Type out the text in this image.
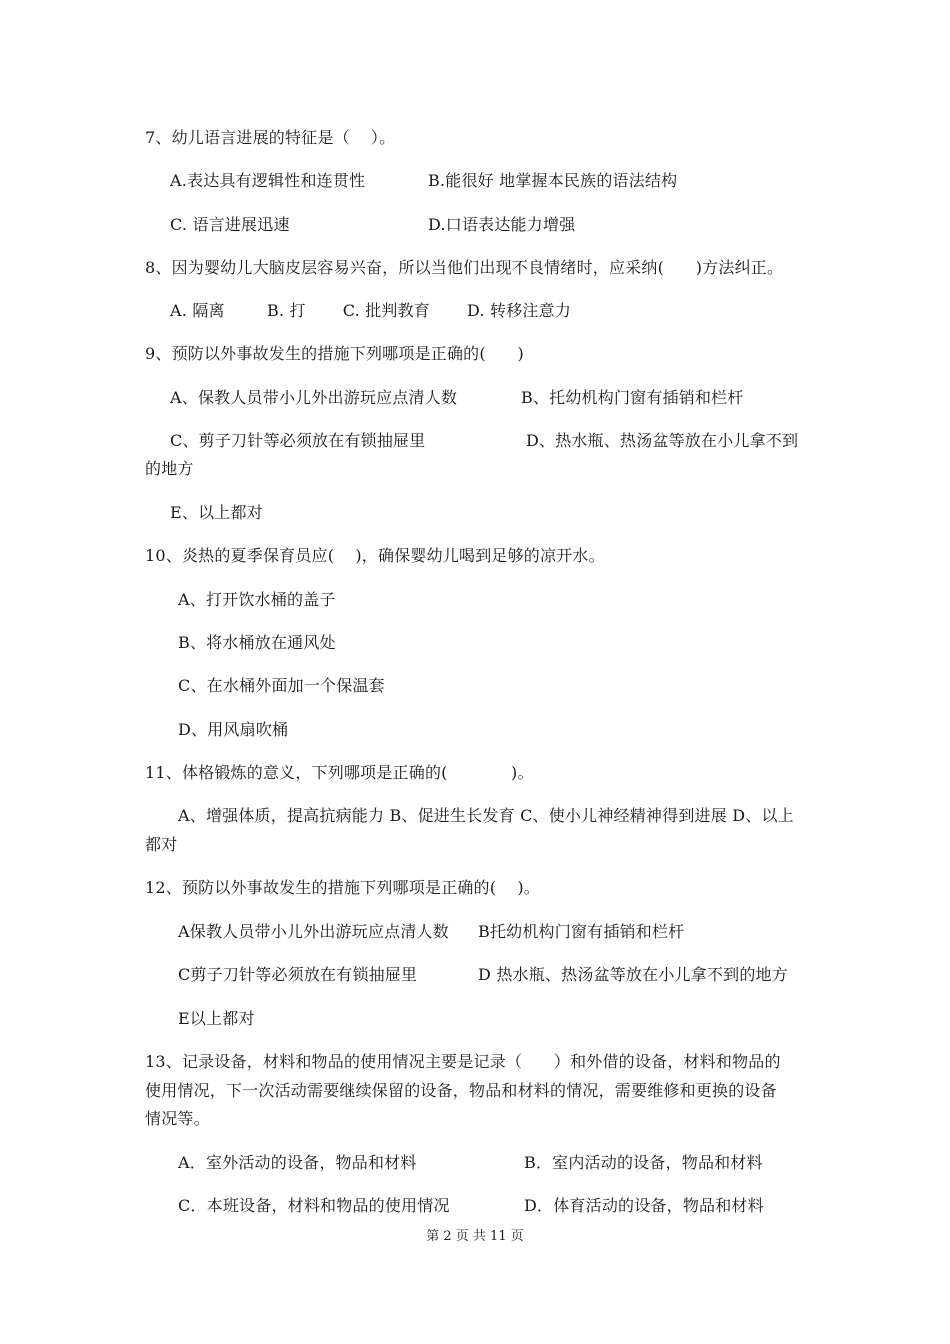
7、幼儿语言进展的特征是（    ）。
A.表达具有逻辑性和连贯性	B.能很好 地掌握本民族的语法结构
C. 语言进展迅速	D.口语表达能力增强
8、因为婴幼儿大脑皮层容易兴奋，所以当他们出现不良情绪时，应采纳(      )方法纠正。
A. 隔离        B. 打       C. 批判教育       D. 转移注意力
9、预防以外事故发生的措施下列哪项是正确的(      )
A、保教人员带小儿外出游玩应点清人数	B、托幼机构门窗有插销和栏杆
C、剪子刀针等必须放在有锁抽屉里	D、热水瓶、热汤盆等放在小儿拿不到
的地方
E、以上都对
10、炎热的夏季保育员应(    )，确保婴幼儿喝到足够的凉开水。
A、打开饮水桶的盖子
B、将水桶放在通风处
C、在水桶外面加一个保温套
D、用风扇吹桶
11、体格锻炼的意义，下列哪项是正确的(            )。
A、增强体质，提高抗病能力 B、促进生长发育 C、使小儿神经精神得到进展 D、以上
都对
12、预防以外事故发生的措施下列哪项是正确的(    )。
A保教人员带小儿外出游玩应点清人数 B托幼机构门窗有插销和栏杆
C剪子刀针等必须放在有锁抽屉里	D 热水瓶、热汤盆等放在小儿拿不到的地方
E以上都对
13、记录设备，材料和物品的使用情况主要是记录（      ）和外借的设备，材料和物品的
使用情况，下一次活动需要继续保留的设备，物品和材料的情况，需要维修和更换的设备
情况等。
A．室外活动的设备，物品和材料	B．室内活动的设备，物品和材料
C．本班设备，材料和物品的使用情况	D．体育活动的设备，物品和材料
第 2 页 共 11 页
